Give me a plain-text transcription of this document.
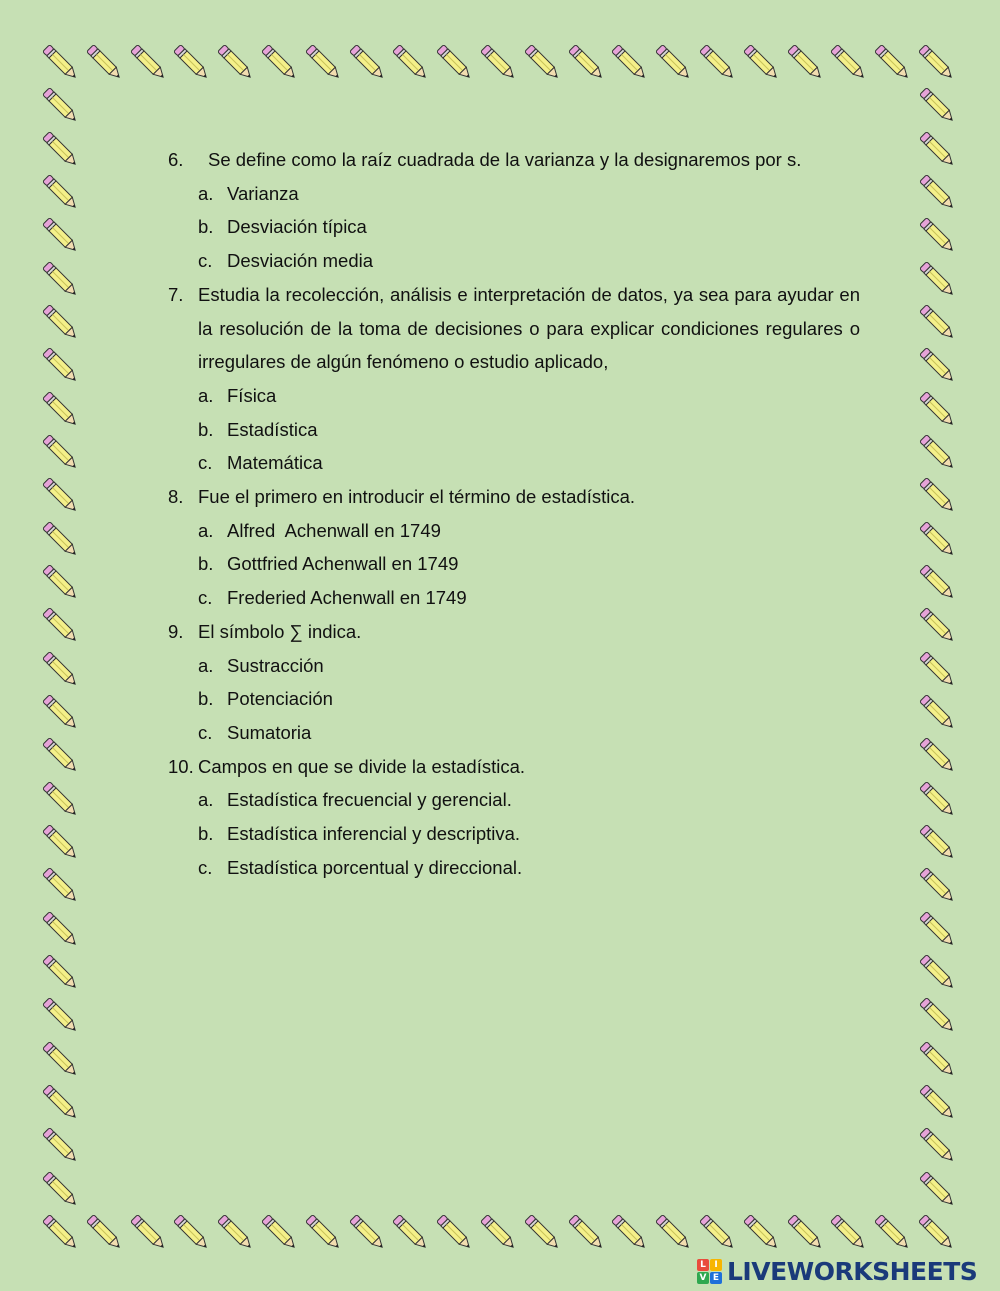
6. Se define como la raíz cuadrada de la varianza y la designaremos por s.
a. Varianza
b. Desviación típica
c. Desviación media
7. Estudia la recolección, análisis e interpretación de datos, ya sea para ayudar en la resolución de la toma de decisiones o para explicar condiciones regulares o irregulares de algún fenómeno o estudio aplicado,
a. Física
b. Estadística
c. Matemática
8. Fue el primero en introducir el término de estadística.
a. Alfred  Achenwall en 1749
b. Gottfried Achenwall en 1749
c. Frederied Achenwall en 1749
9. El símbolo ∑ indica.
a. Sustracción
b. Potenciación
c. Sumatoria
10. Campos en que se divide la estadística.
a. Estadística frecuencial y gerencial.
b. Estadística inferencial y descriptiva.
c. Estadística porcentual y direccional.
L I
V E LIVEWORKSHEETS
